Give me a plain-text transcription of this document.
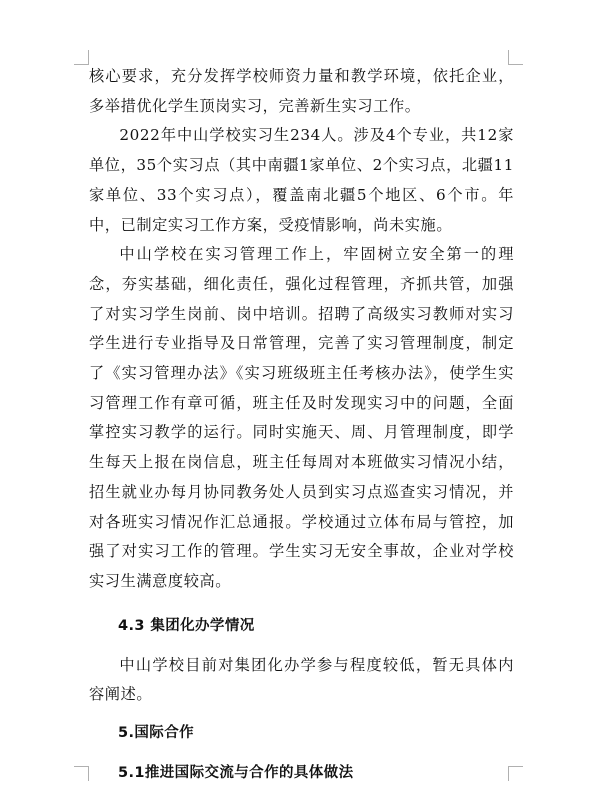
核心要求，充分发挥学校师资力量和教学环境，依托企业，多举措优化学生顶岗实习，完善新生实习工作。

2022年中山学校实习生234人。涉及4个专业，共12家单位，35个实习点（其中南疆1家单位、2个实习点，北疆11家单位、33个实习点），覆盖南北疆5个地区、6个市。年中，已制定实习工作方案，受疫情影响，尚未实施。

中山学校在实习管理工作上，牢固树立安全第一的理念，夯实基础，细化责任，强化过程管理，齐抓共管，加强了对实习学生岗前、岗中培训。招聘了高级实习教师对实习学生进行专业指导及日常管理，完善了实习管理制度，制定了《实习管理办法》《实习班级班主任考核办法》，使学生实习管理工作有章可循，班主任及时发现实习中的问题，全面掌控实习教学的运行。同时实施天、周、月管理制度，即学生每天上报在岗信息，班主任每周对本班做实习情况小结，招生就业办每月协同教务处人员到实习点巡查实习情况，并对各班实习情况作汇总通报。学校通过立体布局与管控，加强了对实习工作的管理。学生实习无安全事故，企业对学校实习生满意度较高。

4.3 集团化办学情况

中山学校目前对集团化办学参与程度较低，暂无具体内容阐述。

5.国际合作
5.1推进国际交流与合作的具体做法
